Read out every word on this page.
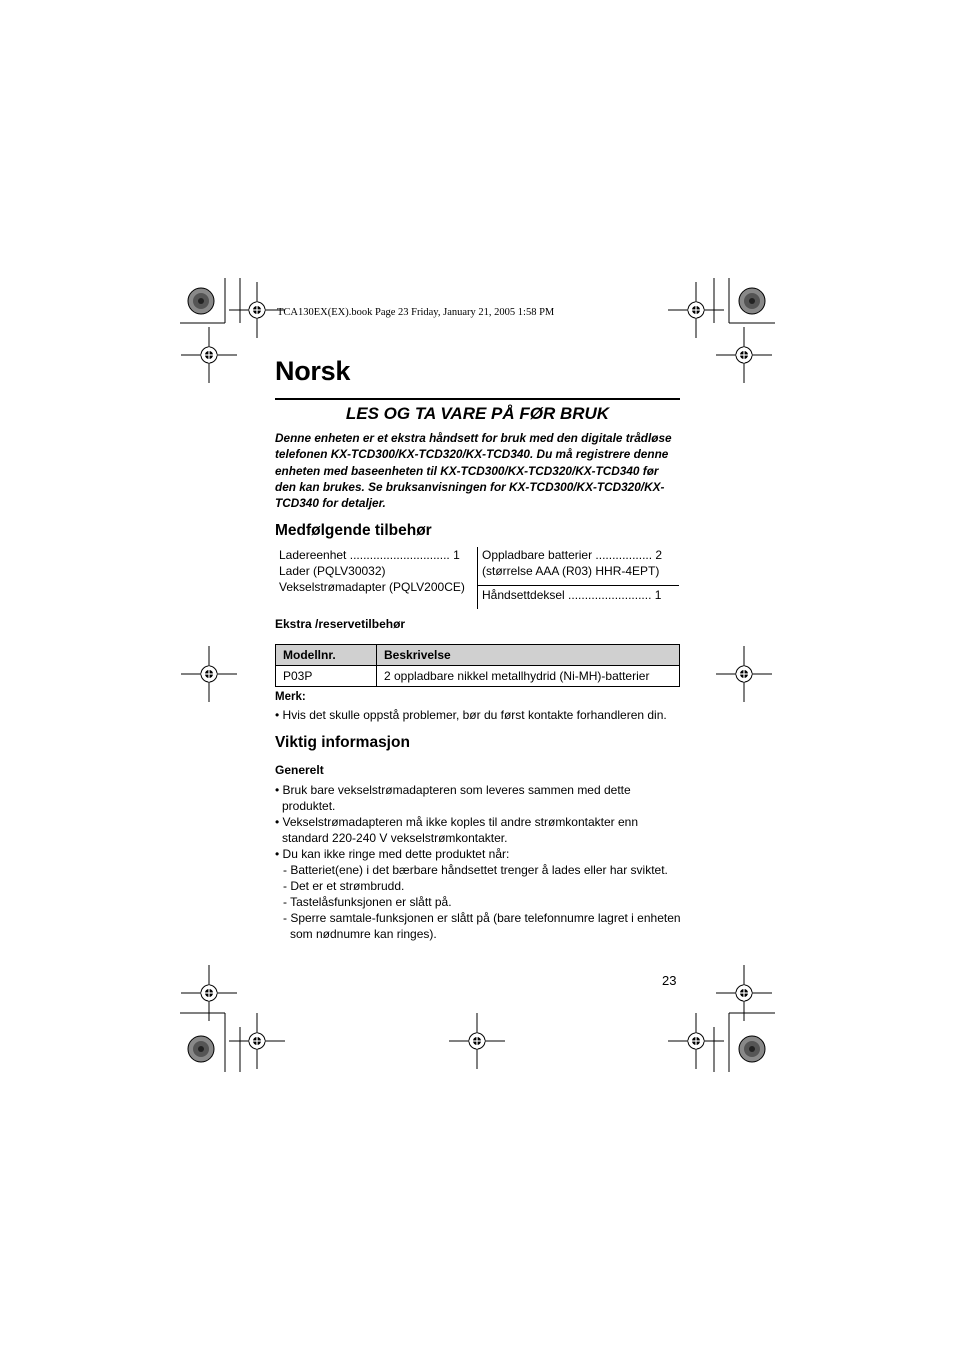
TCA130EX(EX).book Page 23 Friday, January 21, 2005 1:58 PM
Norsk
LES OG TA VARE PÅ FØR BRUK
Denne enheten er et ekstra håndsett for bruk med den digitale trådløse telefonen KX-TCD300/KX-TCD320/KX-TCD340. Du må registrere denne enheten med baseenheten til KX-TCD300/KX-TCD320/KX-TCD340 før den kan brukes. Se bruksanvisningen for KX-TCD300/KX-TCD320/KX-TCD340 for detaljer.
Medfølgende tilbehør
Ladereenhet .............................. 1
Lader (PQLV30032)
Vekselstrømadapter (PQLV200CE)
Oppladbare batterier ................. 2
(størrelse AAA (R03) HHR-4EPT)
Håndsettdeksel ......................... 1
Ekstra /reservetilbehør
Modellnr.	Beskrivelse
P03P	2 oppladbare nikkel metallhydrid (Ni-MH)-batterier
Merk:
• Hvis det skulle oppstå problemer, bør du først kontakte forhandleren din.
Viktig informasjon
Generelt
• Bruk bare vekselstrømadapteren som leveres sammen med dette produktet.
• Vekselstrømadapteren må ikke koples til andre strømkontakter enn standard 220-240 V vekselstrømkontakter.
• Du kan ikke ringe med dette produktet når:
- Batteriet(ene) i det bærbare håndsettet trenger å lades eller har sviktet.
- Det er et strømbrudd.
- Tastelåsfunksjonen er slått på.
- Sperre samtale-funksjonen er slått på (bare telefonnumre lagret i enheten som nødnumre kan ringes).
23
